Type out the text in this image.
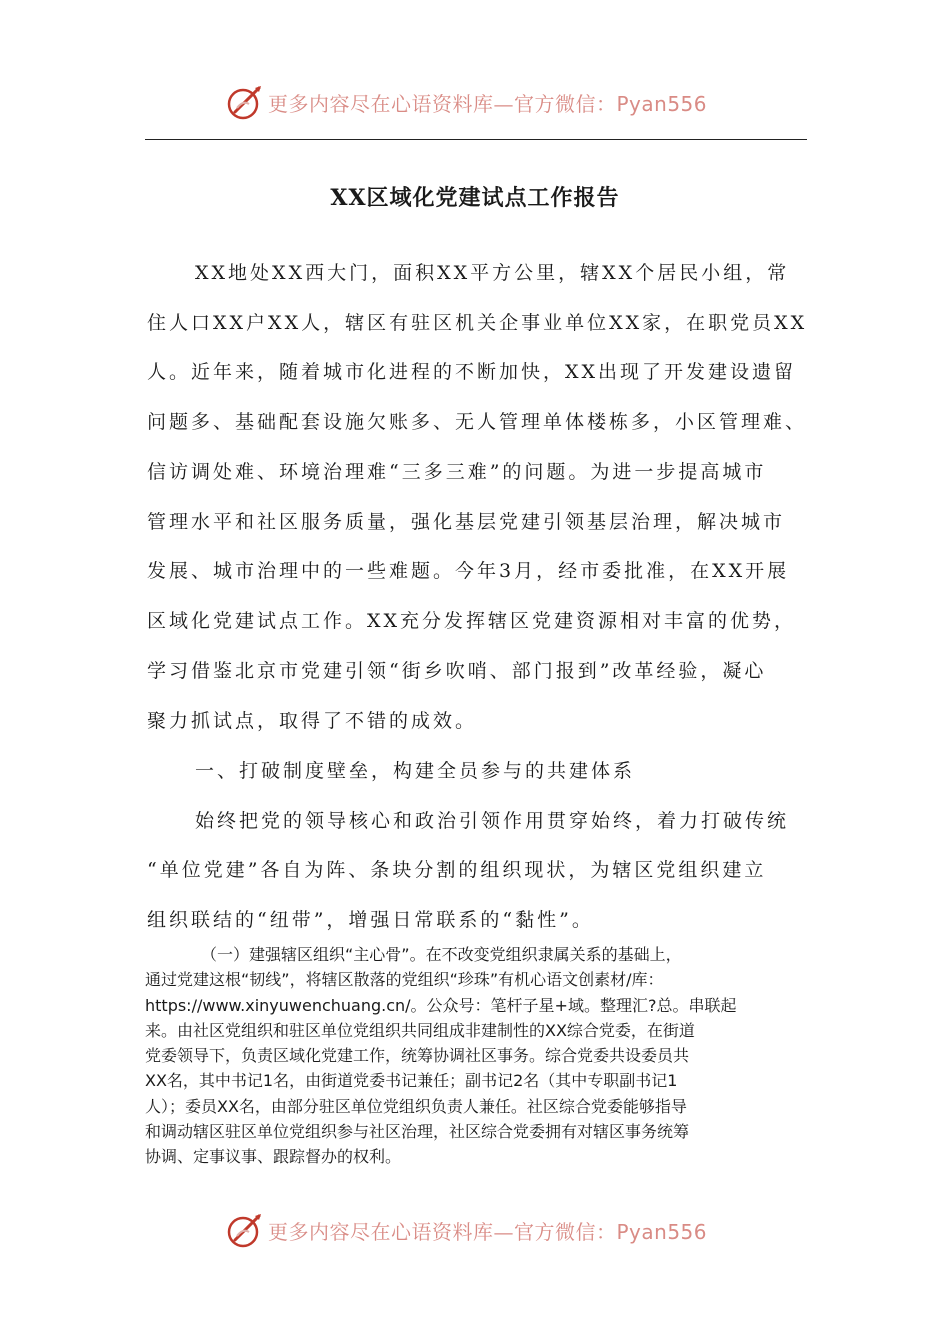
更多内容尽在心语资料库—官方微信：Pyan556
XX区域化党建试点工作报告

XX地处XX西大门，面积XX平方公里，辖XX个居民小组，常

住人口XX户XX人，辖区有驻区机关企事业单位XX家，在职党员XX

人。近年来，随着城市化进程的不断加快，XX出现了开发建设遗留

问题多、基础配套设施欠账多、无人管理单体楼栋多，小区管理难、

信访调处难、环境治理难“三多三难”的问题。为进一步提高城市

管理水平和社区服务质量，强化基层党建引领基层治理，解决城市

发展、城市治理中的一些难题。今年3月，经市委批准，在XX开展

区域化党建试点工作。XX充分发挥辖区党建资源相对丰富的优势，

学习借鉴北京市党建引领“街乡吹哨、部门报到”改革经验，凝心

聚力抓试点，取得了不错的成效。

一、打破制度壁垒，构建全员参与的共建体系

始终把党的领导核心和政治引领作用贯穿始终，着力打破传统

“单位党建”各自为阵、条块分割的组织现状，为辖区党组织建立

组织联结的“纽带”，增强日常联系的“黏性”。

（一）建强辖区组织“主心骨”。在不改变党组织隶属关系的基础上，
通过党建这根“韧线”，将辖区散落的党组织“珍珠”有机心语文创素材/库：
https://www.xinyuwenchuang.cn/。公众号：笔杆子星+域。整理汇?总。串联起
来。由社区党组织和驻区单位党组织共同组成非建制性的XX综合党委，在街道
党委领导下，负责区域化党建工作，统筹协调社区事务。综合党委共设委员共
XX名，其中书记1名，由街道党委书记兼任；副书记2名（其中专职副书记1
人）；委员XX名，由部分驻区单位党组织负责人兼任。社区综合党委能够指导
和调动辖区驻区单位党组织参与社区治理，社区综合党委拥有对辖区事务统筹
协调、定事议事、跟踪督办的权利。
更多内容尽在心语资料库—官方微信：Pyan556
